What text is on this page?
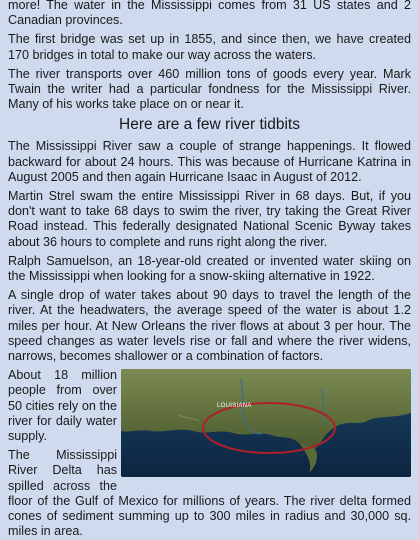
more! The water in the Mississippi comes from 31 US states and 2 Canadian provinces.

The first bridge was set up in 1855, and since then, we have created 170 bridges in total to make our way across the waters.

The river transports over 460 million tons of goods every year. Mark Twain the writer had a particular fondness for the Mississippi River. Many of his works take place on or near it.

Here are a few river tidbits

The Mississippi River saw a couple of strange happenings. It flowed backward for about 24 hours. This was because of Hurricane Katrina in August 2005 and then again Hurricane Isaac in August of 2012.

Martin Strel swam the entire Mississippi River in 68 days. But, if you don't want to take 68 days to swim the river, try taking the Great River Road instead. This federally designated National Scenic Byway takes about 36 hours to complete and runs right along the river.

Ralph Samuelson, an 18-year-old created or invented water skiing on the Mississippi when looking for a snow-skiing alternative in 1922.

A single drop of water takes about 90 days to travel the length of the river. At the headwaters, the average speed of the water is about 1.2 miles per hour. At New Orleans the river flows at about 3 per hour. The speed changes as water levels rise or fall and where the river widens, narrows, becomes shallower or a combination of factors.

LOUISIANA

About 18 million people from over 50 cities rely on the river for daily water supply.

The Mississippi River Delta has spilled across the floor of the Gulf of Mexico for millions of years. The river delta formed cones of sediment summing up to 300 miles in radius and 30,000 sq. miles in area.
